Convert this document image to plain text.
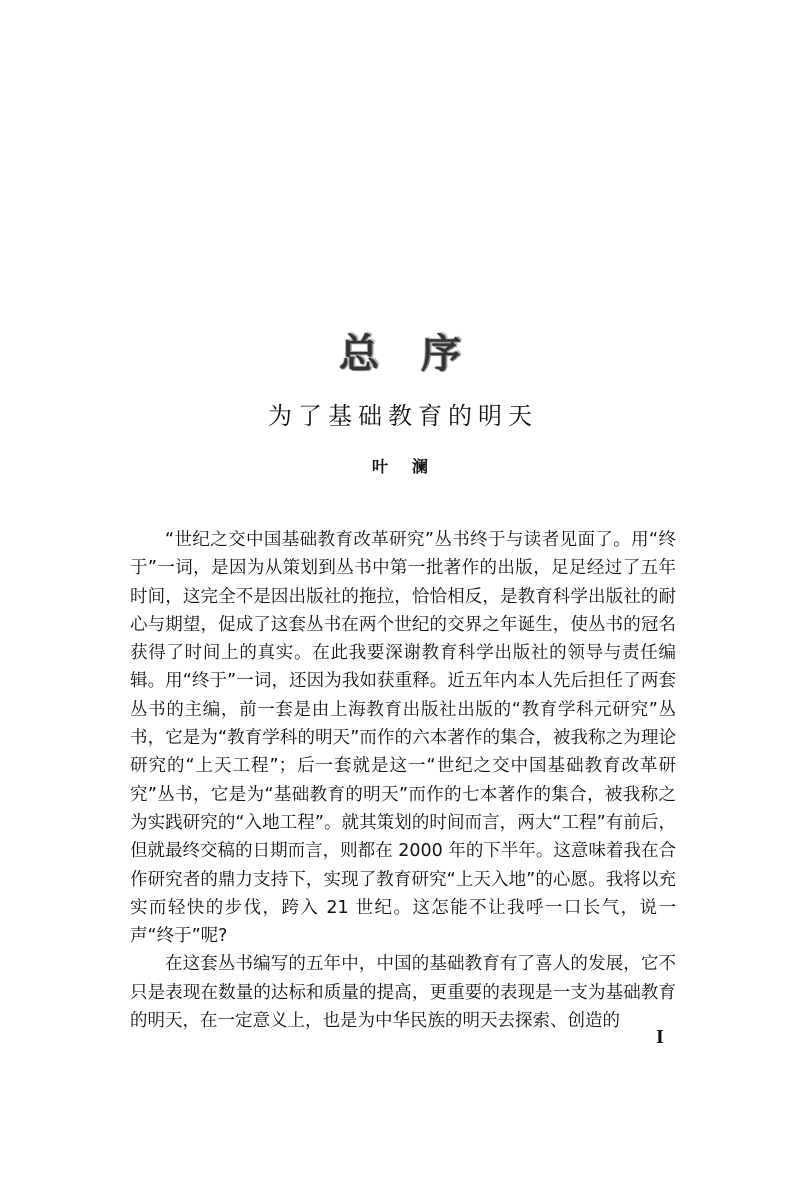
总序
为了基础教育的明天
叶澜

“世纪之交中国基础教育改革研究”丛书终于与读者见面了。用“终于”一词，是因为从策划到丛书中第一批著作的出版，足足经过了五年时间，这完全不是因出版社的拖拉，恰恰相反，是教育科学出版社的耐心与期望，促成了这套丛书在两个世纪的交界之年诞生，使丛书的冠名获得了时间上的真实。在此我要深谢教育科学出版社的领导与责任编辑。用“终于”一词，还因为我如获重释。近五年内本人先后担任了两套丛书的主编，前一套是由上海教育出版社出版的“教育学科元研究”丛书，它是为“教育学科的明天”而作的六本著作的集合，被我称之为理论研究的“上天工程”；后一套就是这一“世纪之交中国基础教育改革研究”丛书，它是为“基础教育的明天”而作的七本著作的集合，被我称之为实践研究的“入地工程”。就其策划的时间而言，两大“工程”有前后，但就最终交稿的日期而言，则都在 2000 年的下半年。这意味着我在合作研究者的鼎力支持下，实现了教育研究“上天入地”的心愿。我将以充实而轻快的步伐，跨入 21 世纪。这怎能不让我呼一口长气，说一声“终于”呢?

在这套丛书编写的五年中，中国的基础教育有了喜人的发展，它不只是表现在数量的达标和质量的提高，更重要的表现是一支为基础教育的明天，在一定意义上，也是为中华民族的明天去探索、创造的

I
